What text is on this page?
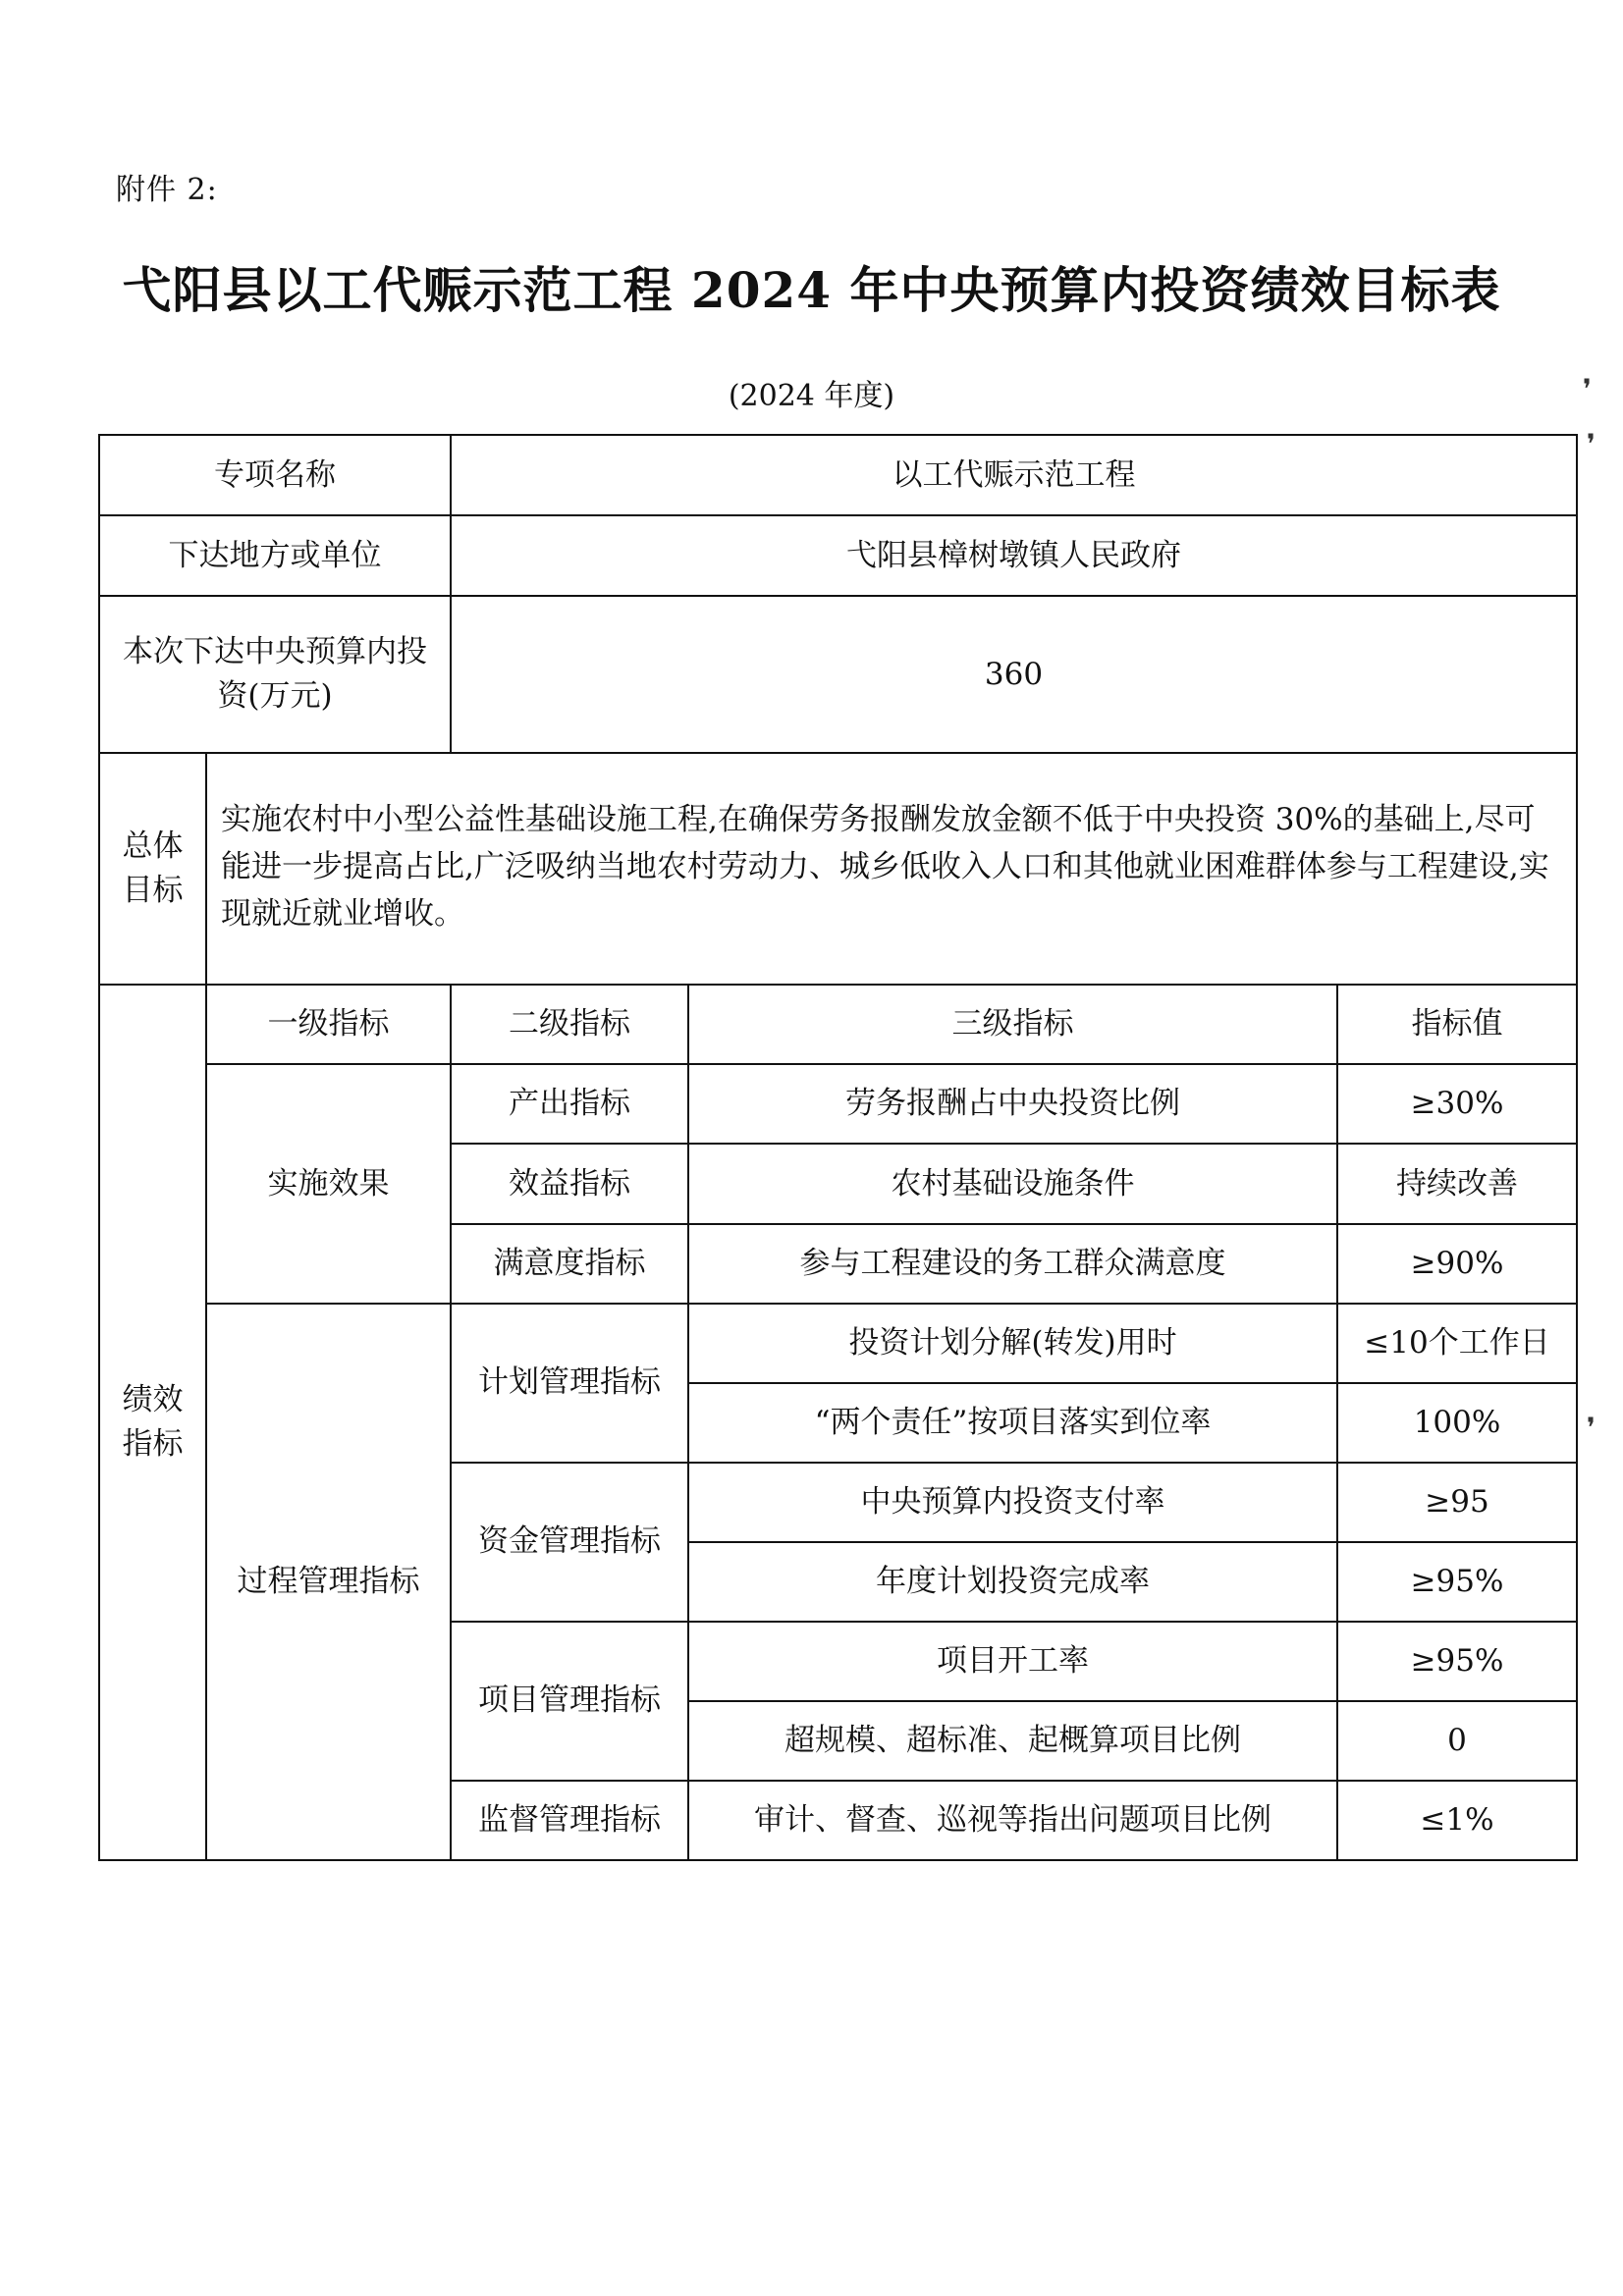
附件 2:
弋阳县以工代赈示范工程 2024 年中央预算内投资绩效目标表
(2024 年度)
专项名称		以工代赈示范工程		
下达地方或单位		弋阳县樟树墩镇人民政府		
本次下达中央预算内投资(万元)		360		
总体目标	实施农村中小型公益性基础设施工程,在确保劳务报酬发放金额不低于中央投资 30%的基础上,尽可能进一步提高占比,广泛吸纳当地农村劳动力、城乡低收入人口和其他就业困难群体参与工程建设,实现就近就业增收。			
绩效指标	一级指标	二级指标	三级指标	指标值
	实施效果	产出指标	劳务报酬占中央投资比例	≥30%
		效益指标	农村基础设施条件	持续改善
		满意度指标	参与工程建设的务工群众满意度	≥90%
	过程管理指标	计划管理指标	投资计划分解(转发)用时	≤10个工作日
			“两个责任”按项目落实到位率	100%
		资金管理指标	中央预算内投资支付率	≥95
			年度计划投资完成率	≥95%
		项目管理指标	项目开工率	≥95%
			超规模、超标准、起概算项目比例	0
		监督管理指标	审计、督查、巡视等指出问题项目比例	≤1%
❜
❜
❜
